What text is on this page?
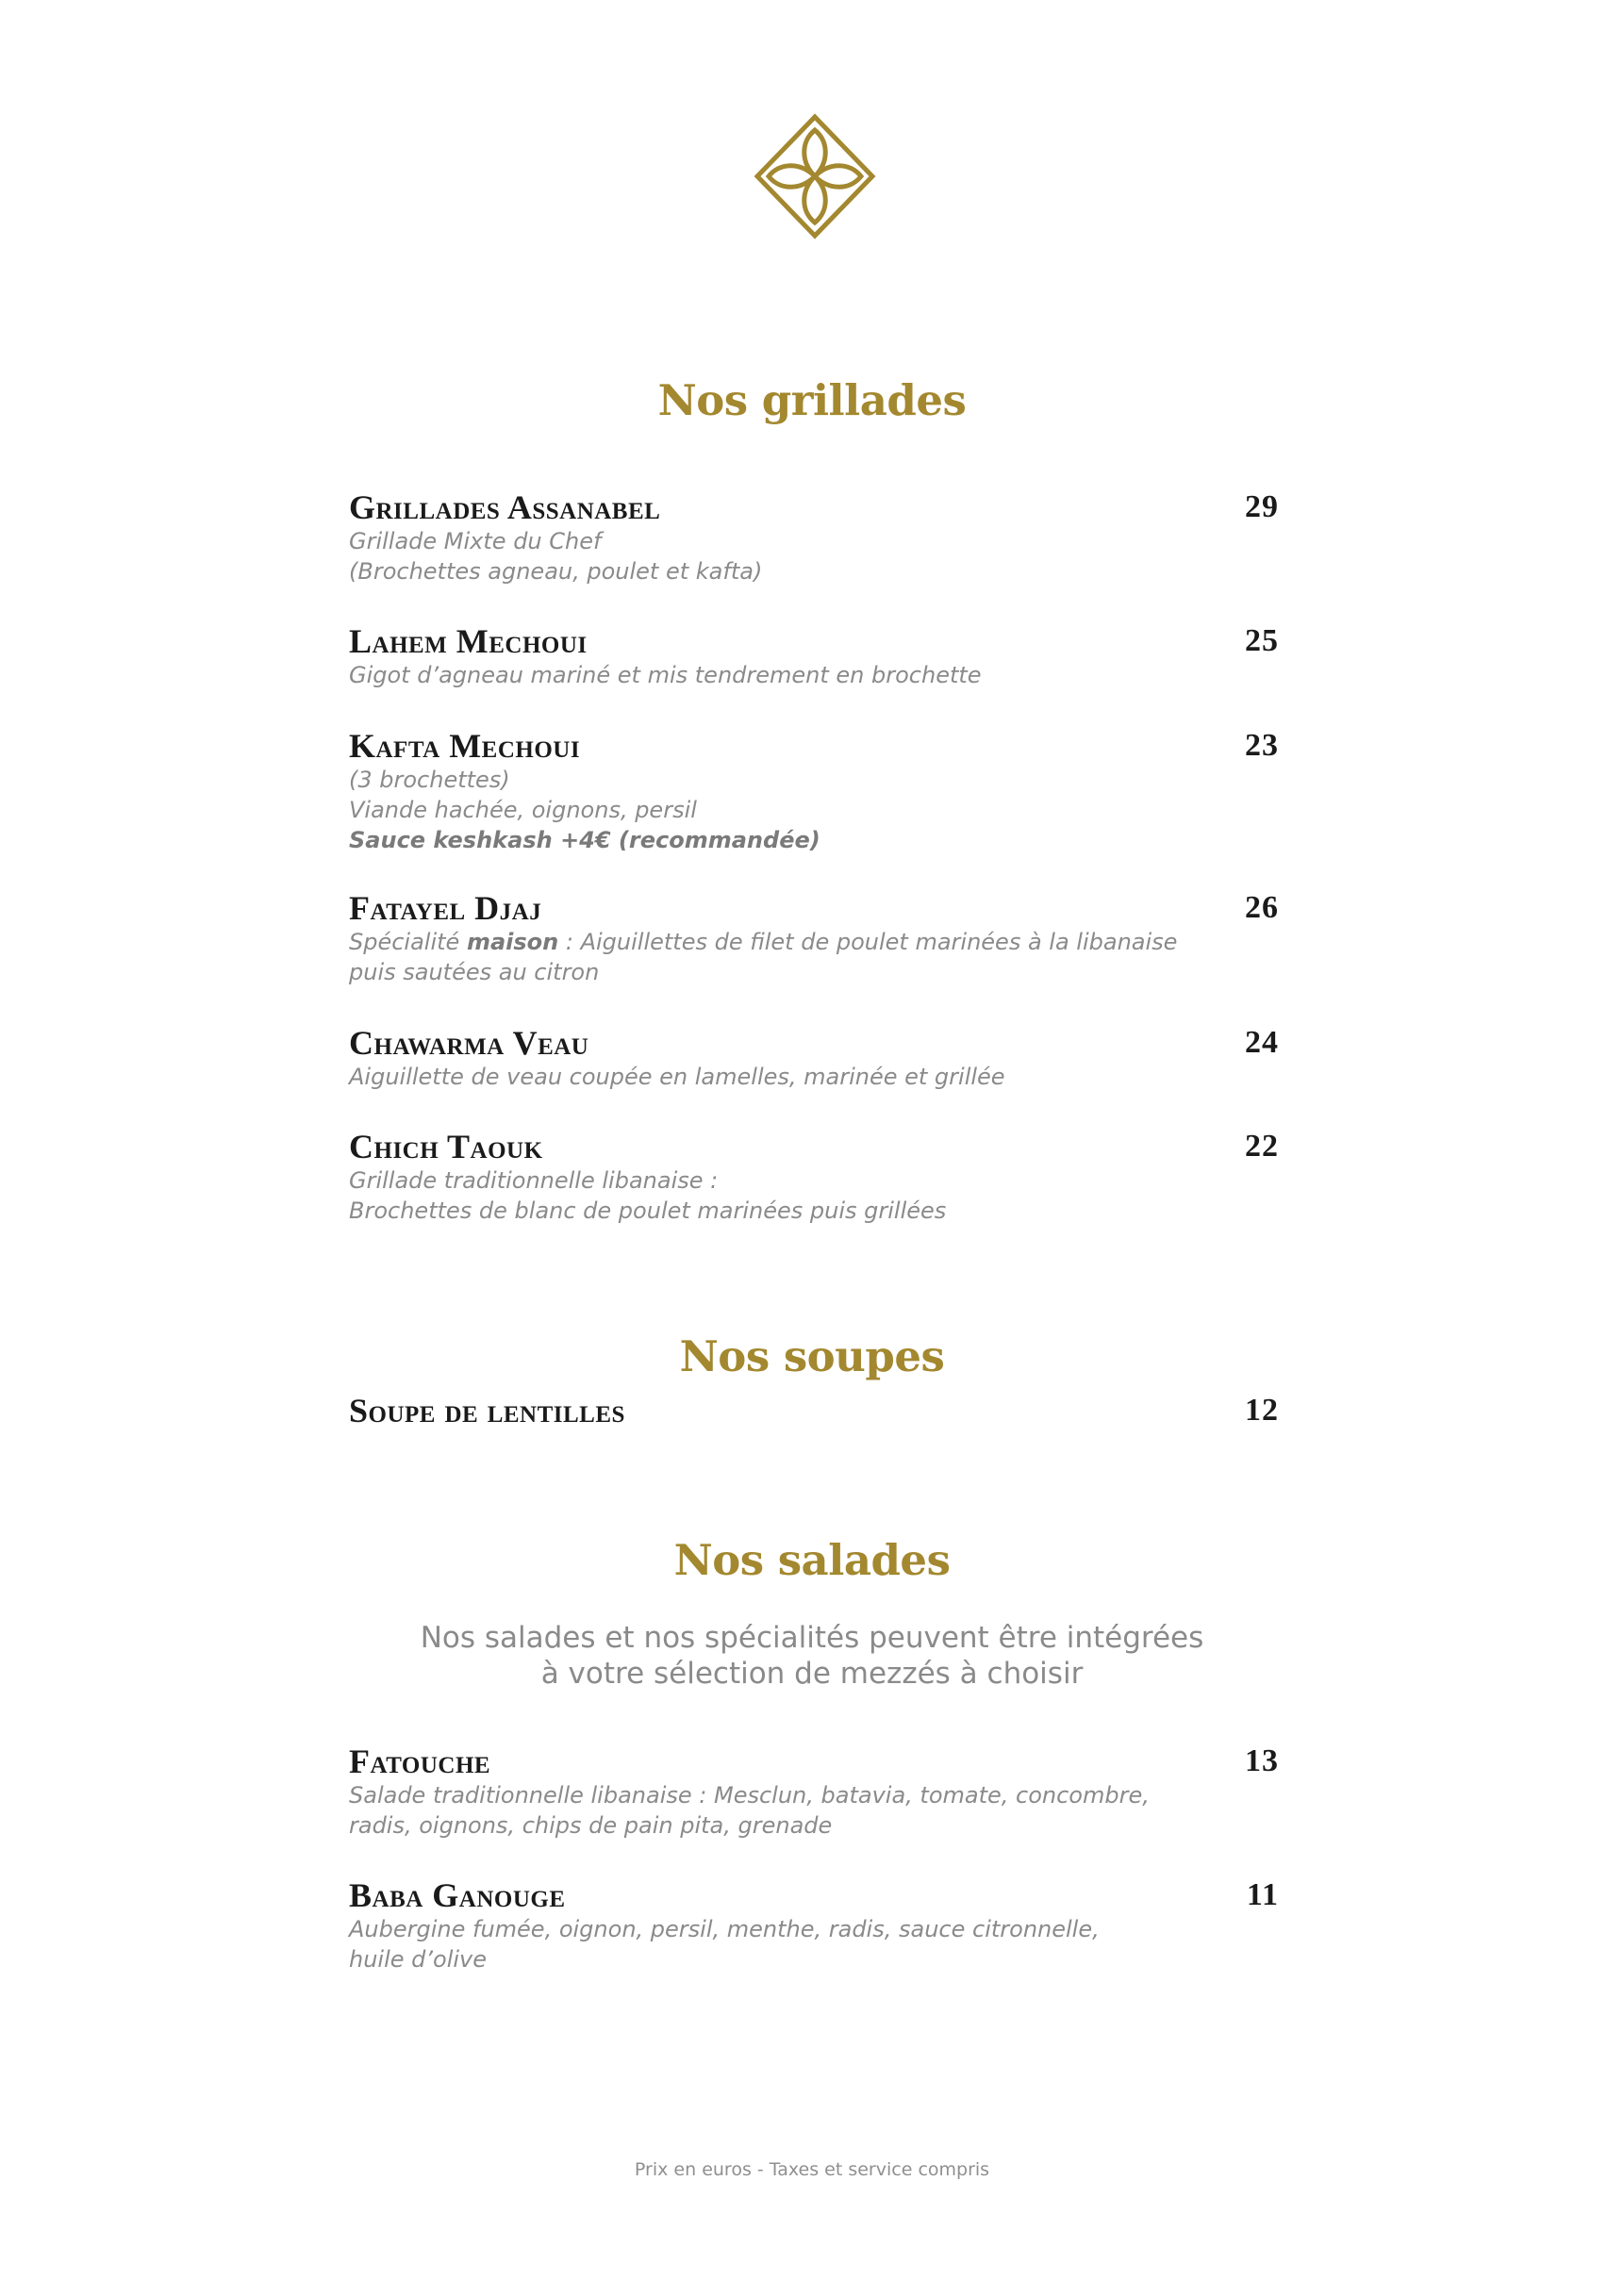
Nos grillades
Grillades Assanabel	29
Grillade Mixte du Chef
(Brochettes agneau, poulet et kafta)
Lahem Mechoui	25
Gigot d’agneau mariné et mis tendrement en brochette
Kafta Mechoui	23
(3 brochettes)
Viande hachée, oignons, persil
Sauce keshkash +4€ (recommandée)
Fatayel Djaj	26
Spécialité maison : Aiguillettes de filet de poulet marinées à la libanaise
puis sautées au citron
Chawarma Veau	24
Aiguillette de veau coupée en lamelles, marinée et grillée
Chich Taouk	22
Grillade traditionnelle libanaise :
Brochettes de blanc de poulet marinées puis grillées
Nos soupes
Soupe de lentilles	12
Nos salades
Nos salades et nos spécialités peuvent être intégrées
à votre sélection de mezzés à choisir
Fatouche	13
Salade traditionnelle libanaise : Mesclun, batavia, tomate, concombre,
radis, oignons, chips de pain pita, grenade
Baba Ganouge	11
Aubergine fumée, oignon, persil, menthe, radis, sauce citronnelle,
huile d’olive
Prix en euros - Taxes et service compris
